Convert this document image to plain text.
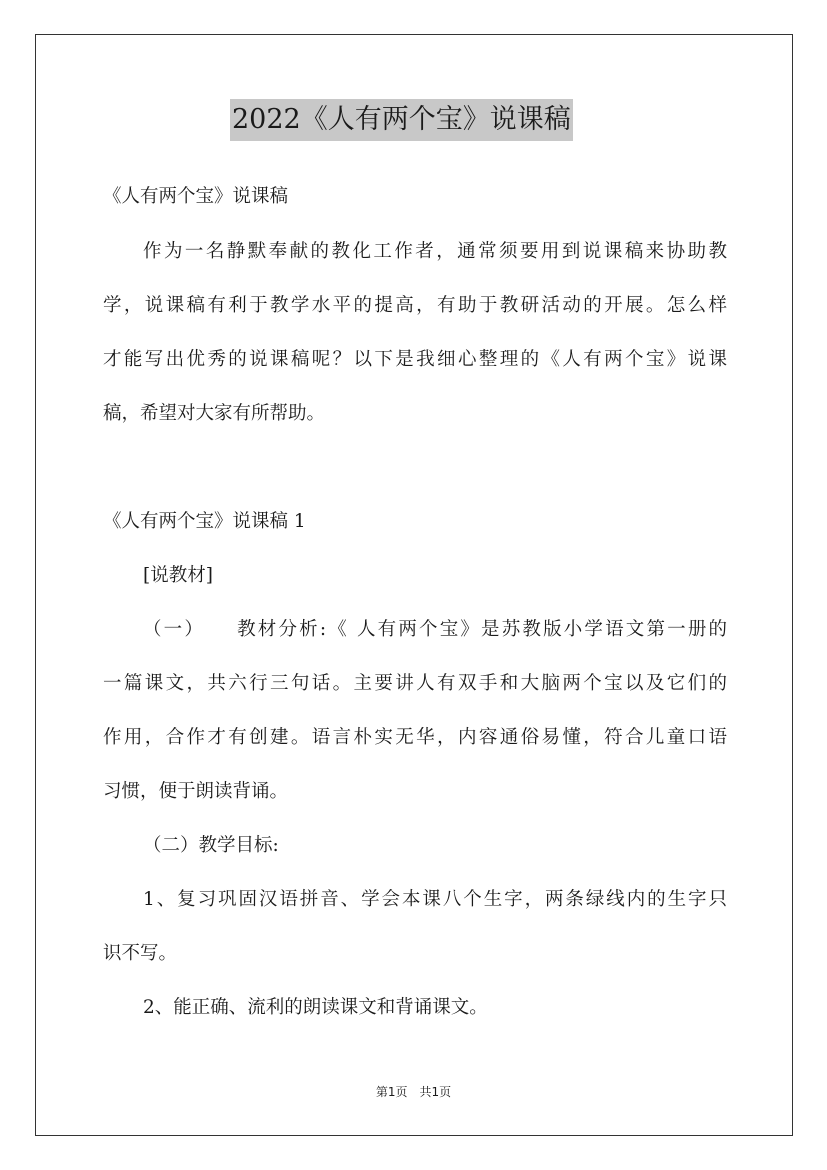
2022《人有两个宝》说课稿
《人有两个宝》说课稿
作为一名静默奉献的教化工作者，通常须要用到说课稿来协助教
学，说课稿有利于教学水平的提高，有助于教研活动的开展。怎么样
才能写出优秀的说课稿呢？以下是我细心整理的《人有两个宝》说课
稿，希望对大家有所帮助。
《人有两个宝》说课稿 1
[说教材]
（一）　　教材分析:《 人有两个宝》是苏教版小学语文第一册的
一篇课文，共六行三句话。主要讲人有双手和大脑两个宝以及它们的
作用，合作才有创建。语言朴实无华，内容通俗易懂，符合儿童口语
习惯，便于朗读背诵。
（二）教学目标:
1、复习巩固汉语拼音、学会本课八个生字，两条绿线内的生字只
识不写。
2、能正确、流利的朗读课文和背诵课文。
第1页　共1页
